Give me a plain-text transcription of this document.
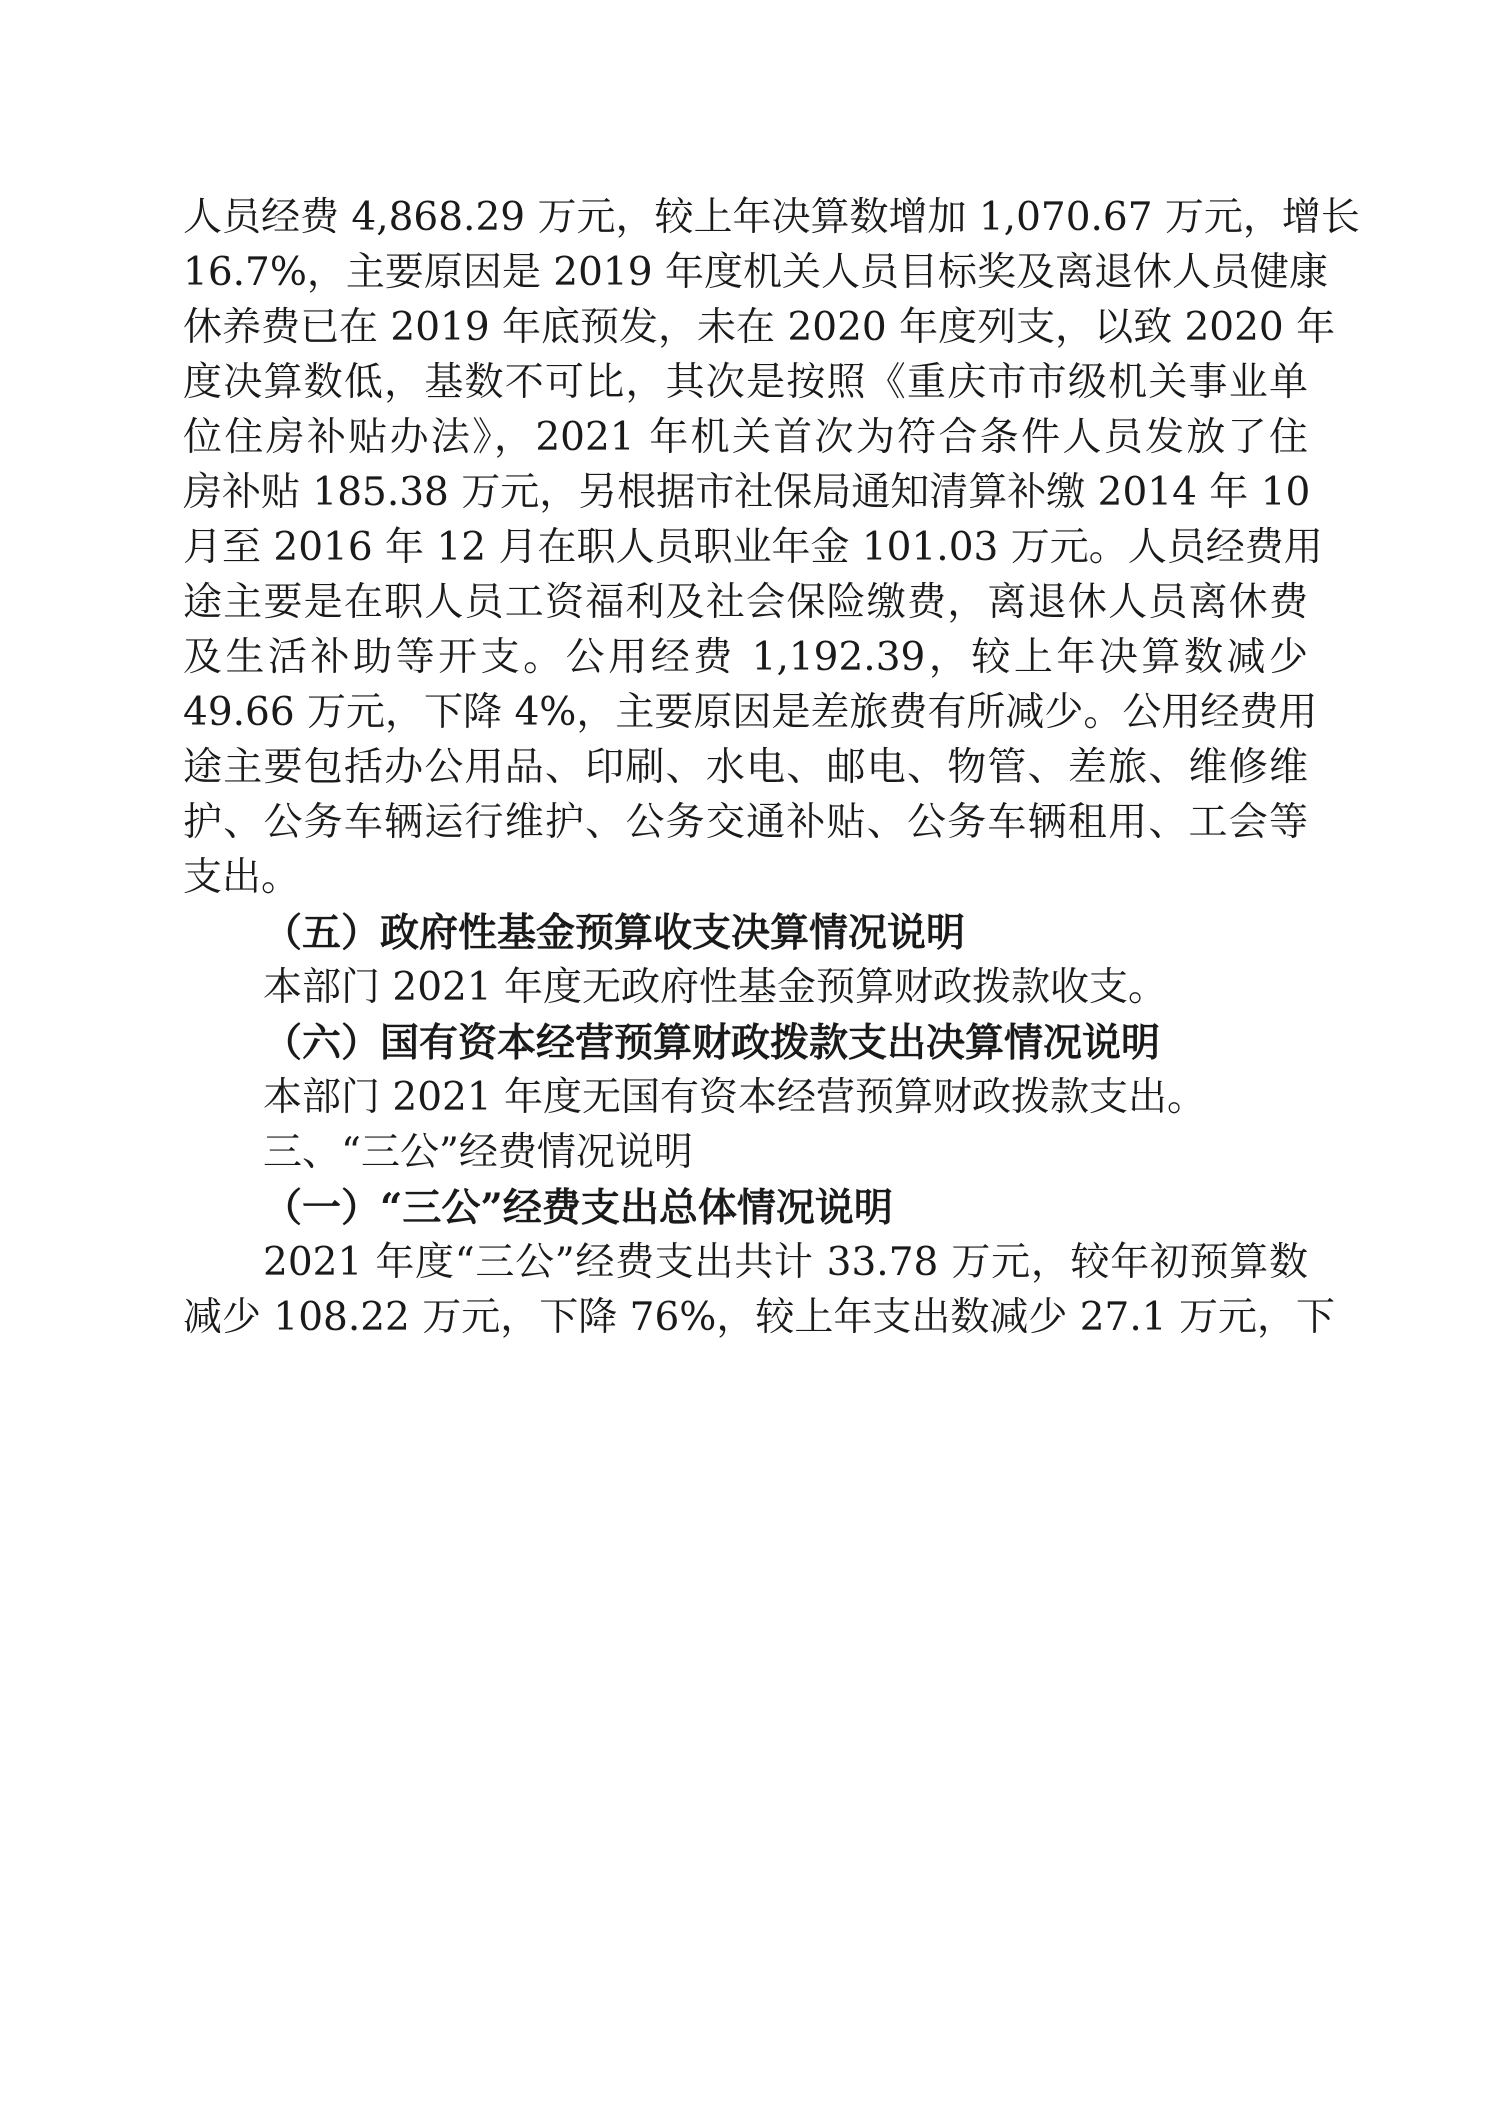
人员经费 4,868.29 万元，较上年决算数增加 1,070.67 万元，增长
16.7%，主要原因是 2019 年度机关人员目标奖及离退休人员健康
休养费已在 2019 年底预发，未在 2020 年度列支，以致 2020 年
度决算数低，基数不可比，其次是按照《重庆市市级机关事业单
位住房补贴办法》，2021 年机关首次为符合条件人员发放了住
房补贴 185.38 万元，另根据市社保局通知清算补缴 2014 年 10
月至 2016 年 12 月在职人员职业年金 101.03 万元。人员经费用
途主要是在职人员工资福利及社会保险缴费，离退休人员离休费
及生活补助等开支。公用经费 1,192.39，较上年决算数减少
49.66 万元，下降 4%，主要原因是差旅费有所减少。公用经费用
途主要包括办公用品、印刷、水电、邮电、物管、差旅、维修维
护、公务车辆运行维护、公务交通补贴、公务车辆租用、工会等
支出。
（五）政府性基金预算收支决算情况说明
本部门 2021 年度无政府性基金预算财政拨款收支。
（六）国有资本经营预算财政拨款支出决算情况说明
本部门 2021 年度无国有资本经营预算财政拨款支出。
三、“三公”经费情况说明
（一）“三公”经费支出总体情况说明
2021 年度“三公”经费支出共计 33.78 万元，较年初预算数
减少 108.22 万元，下降 76%，较上年支出数减少 27.1 万元，下
